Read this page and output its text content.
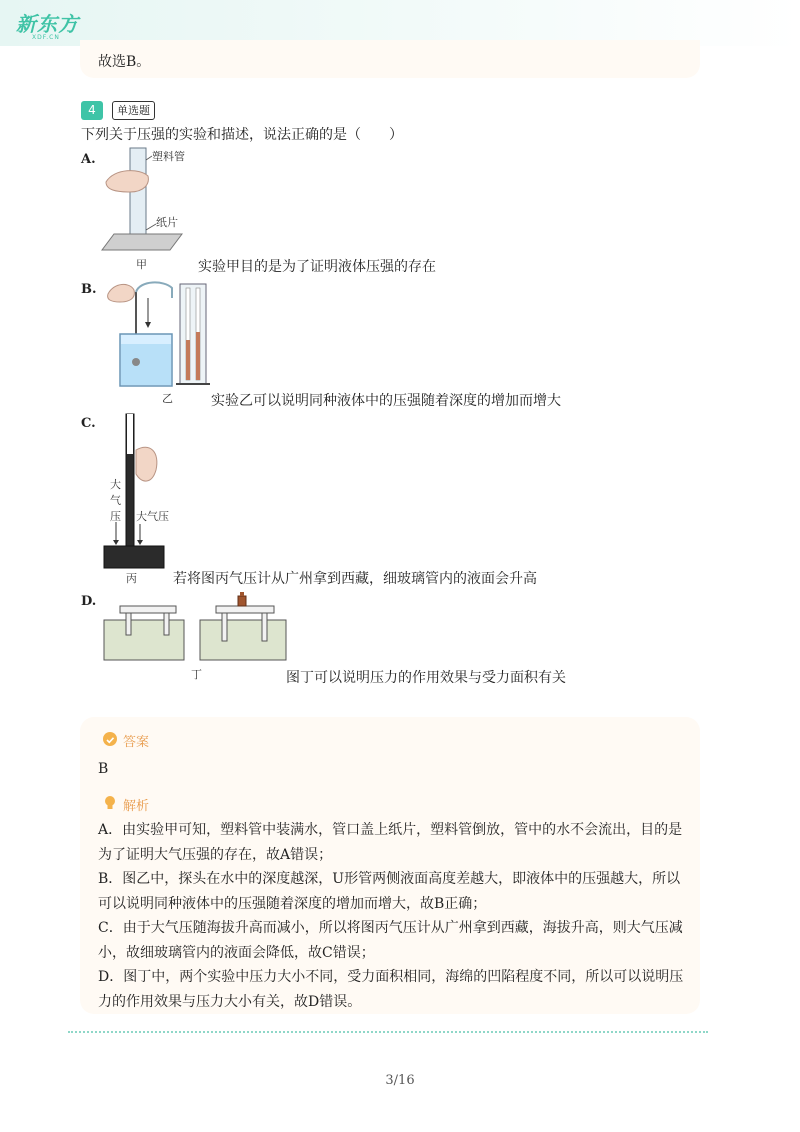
新东方
XDF.CN
故选B。
4	单选题
下列关于压强的实验和描述，说法正确的是（　　）
A.	塑料管
纸片
甲	实验甲目的是为了证明液体压强的存在
B.
乙	实验乙可以说明同种液体中的压强随着深度的增加而增大
C.
大
气
压 大气压
丙	若将图丙气压计从广州拿到西藏，细玻璃管内的液面会升高
D.
丁	图丁可以说明压力的作用效果与受力面积有关
答案
B
解析
A．由实验甲可知，塑料管中装满水，管口盖上纸片，塑料管倒放，管中的水不会流出，目的是为了证明大气压强的存在，故A错误；
B．图乙中，探头在水中的深度越深，U形管两侧液面高度差越大，即液体中的压强越大，所以可以说明同种液体中的压强随着深度的增加而增大，故B正确；
C．由于大气压随海拔升高而减小，所以将图丙气压计从广州拿到西藏，海拔升高，则大气压减小，故细玻璃管内的液面会降低，故C错误；
D．图丁中，两个实验中压力大小不同，受力面积相同，海绵的凹陷程度不同，所以可以说明压力的作用效果与压力大小有关，故D错误。
3/16
